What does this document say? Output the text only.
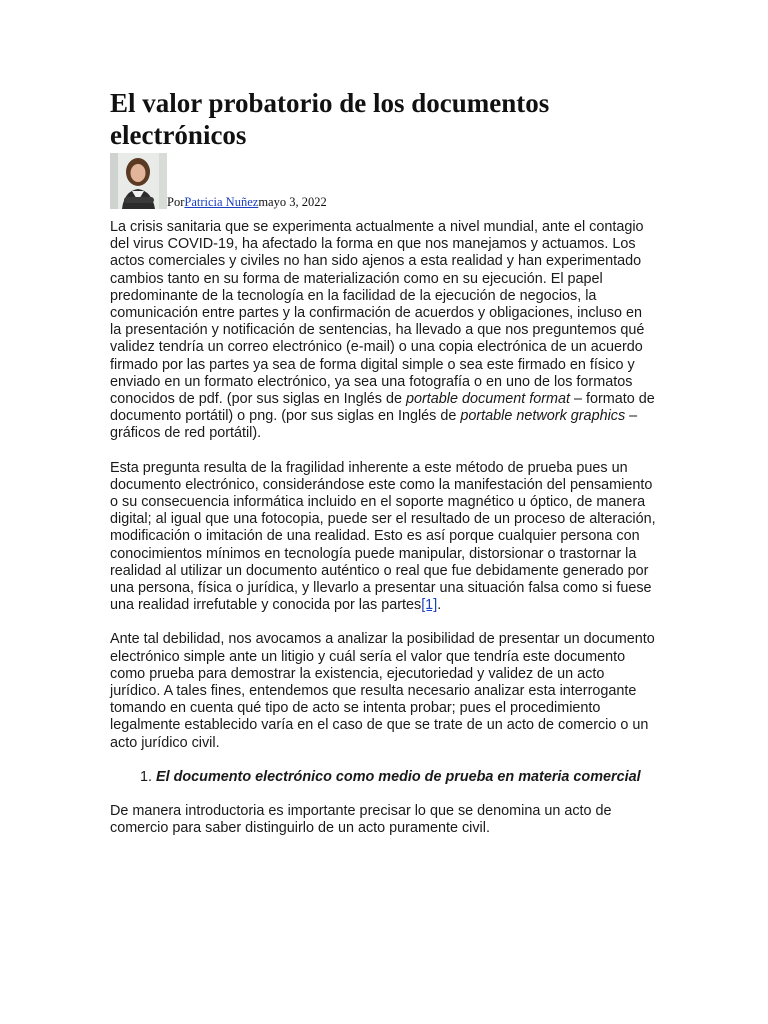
El valor probatorio de los documentos electrónicos
PorPatricia Nuñezmayo 3, 2022

La crisis sanitaria que se experimenta actualmente a nivel mundial, ante el contagio del virus COVID-19, ha afectado la forma en que nos manejamos y actuamos. Los actos comerciales y civiles no han sido ajenos a esta realidad y han experimentado cambios tanto en su forma de materialización como en su ejecución. El papel predominante de la tecnología en la facilidad de la ejecución de negocios, la comunicación entre partes y la confirmación de acuerdos y obligaciones, incluso en la presentación y notificación de sentencias, ha llevado a que nos preguntemos qué validez tendría un correo electrónico (e-mail) o una copia electrónica de un acuerdo firmado por las partes ya sea de forma digital simple o sea este firmado en físico y enviado en un formato electrónico, ya sea una fotografía o en uno de los formatos conocidos de pdf. (por sus siglas en Inglés de portable document format – formato de documento portátil) o png. (por sus siglas en Inglés de portable network graphics – gráficos de red portátil).

Esta pregunta resulta de la fragilidad inherente a este método de prueba pues un documento electrónico, considerándose este como la manifestación del pensamiento o su consecuencia informática incluido en el soporte magnético u óptico, de manera digital; al igual que una fotocopia, puede ser el resultado de un proceso de alteración, modificación o imitación de una realidad. Esto es así porque cualquier persona con conocimientos mínimos en tecnología puede manipular, distorsionar o trastornar la realidad al utilizar un documento auténtico o real que fue debidamente generado por una persona, física o jurídica, y llevarlo a presentar una situación falsa como si fuese una realidad irrefutable y conocida por las partes[1].

Ante tal debilidad, nos avocamos a analizar la posibilidad de presentar un documento electrónico simple ante un litigio y cuál sería el valor que tendría este documento como prueba para demostrar la existencia, ejecutoriedad y validez de un acto jurídico. A tales fines, entendemos que resulta necesario analizar esta interrogante tomando en cuenta qué tipo de acto se intenta probar; pues el procedimiento legalmente establecido varía en el caso de que se trate de un acto de comercio o un acto jurídico civil.

1. El documento electrónico como medio de prueba en materia comercial

De manera introductoria es importante precisar lo que se denomina un acto de comercio para saber distinguirlo de un acto puramente civil.
